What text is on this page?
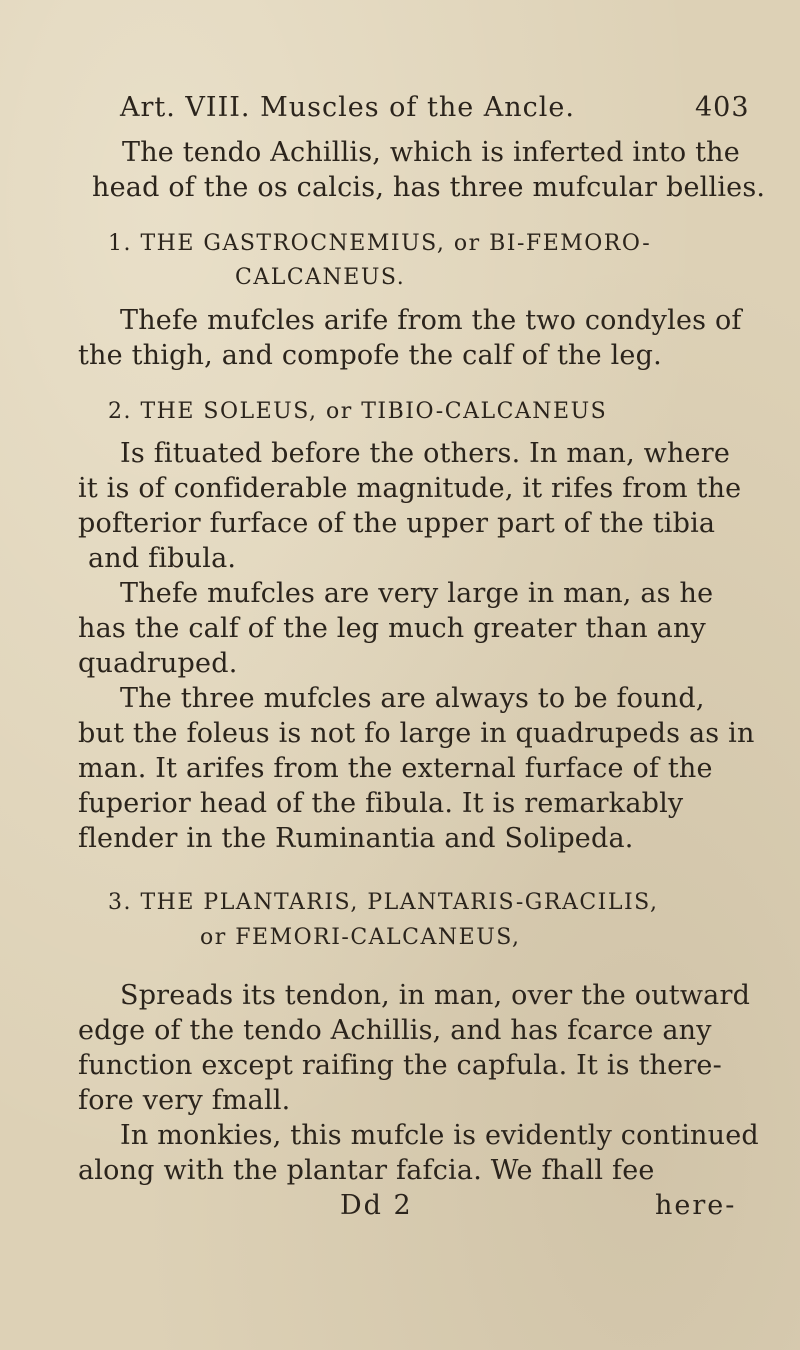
Art. VIII. Muscles of the Ancle.	403
The tendo Achillis, which is inferted into the
head of the os calcis, has three mufcular bellies.
1. THE GASTROCNEMIUS, or BI-FEMORO-
CALCANEUS.
Thefe mufcles arife from the two condyles of
the thigh, and compofe the calf of the leg.
2. THE SOLEUS, or TIBIO-CALCANEUS
Is fituated before the others. In man, where
it is of confiderable magnitude, it rifes from the
pofterior furface of the upper part of the tibia
and fibula.
Thefe mufcles are very large in man, as he
has the calf of the leg much greater than any
quadruped.
The three mufcles are always to be found,
but the foleus is not fo large in quadrupeds as in
man. It arifes from the external furface of the
fuperior head of the fibula. It is remarkably
flender in the Ruminantia and Solipeda.
3. THE PLANTARIS, PLANTARIS-GRACILIS,
or FEMORI-CALCANEUS,
Spreads its tendon, in man, over the outward
edge of the tendo Achillis, and has fcarce any
function except raifing the capfula. It is there-
fore very fmall.
In monkies, this mufcle is evidently continued
along with the plantar fafcia. We fhall fee
Dd 2	here-
